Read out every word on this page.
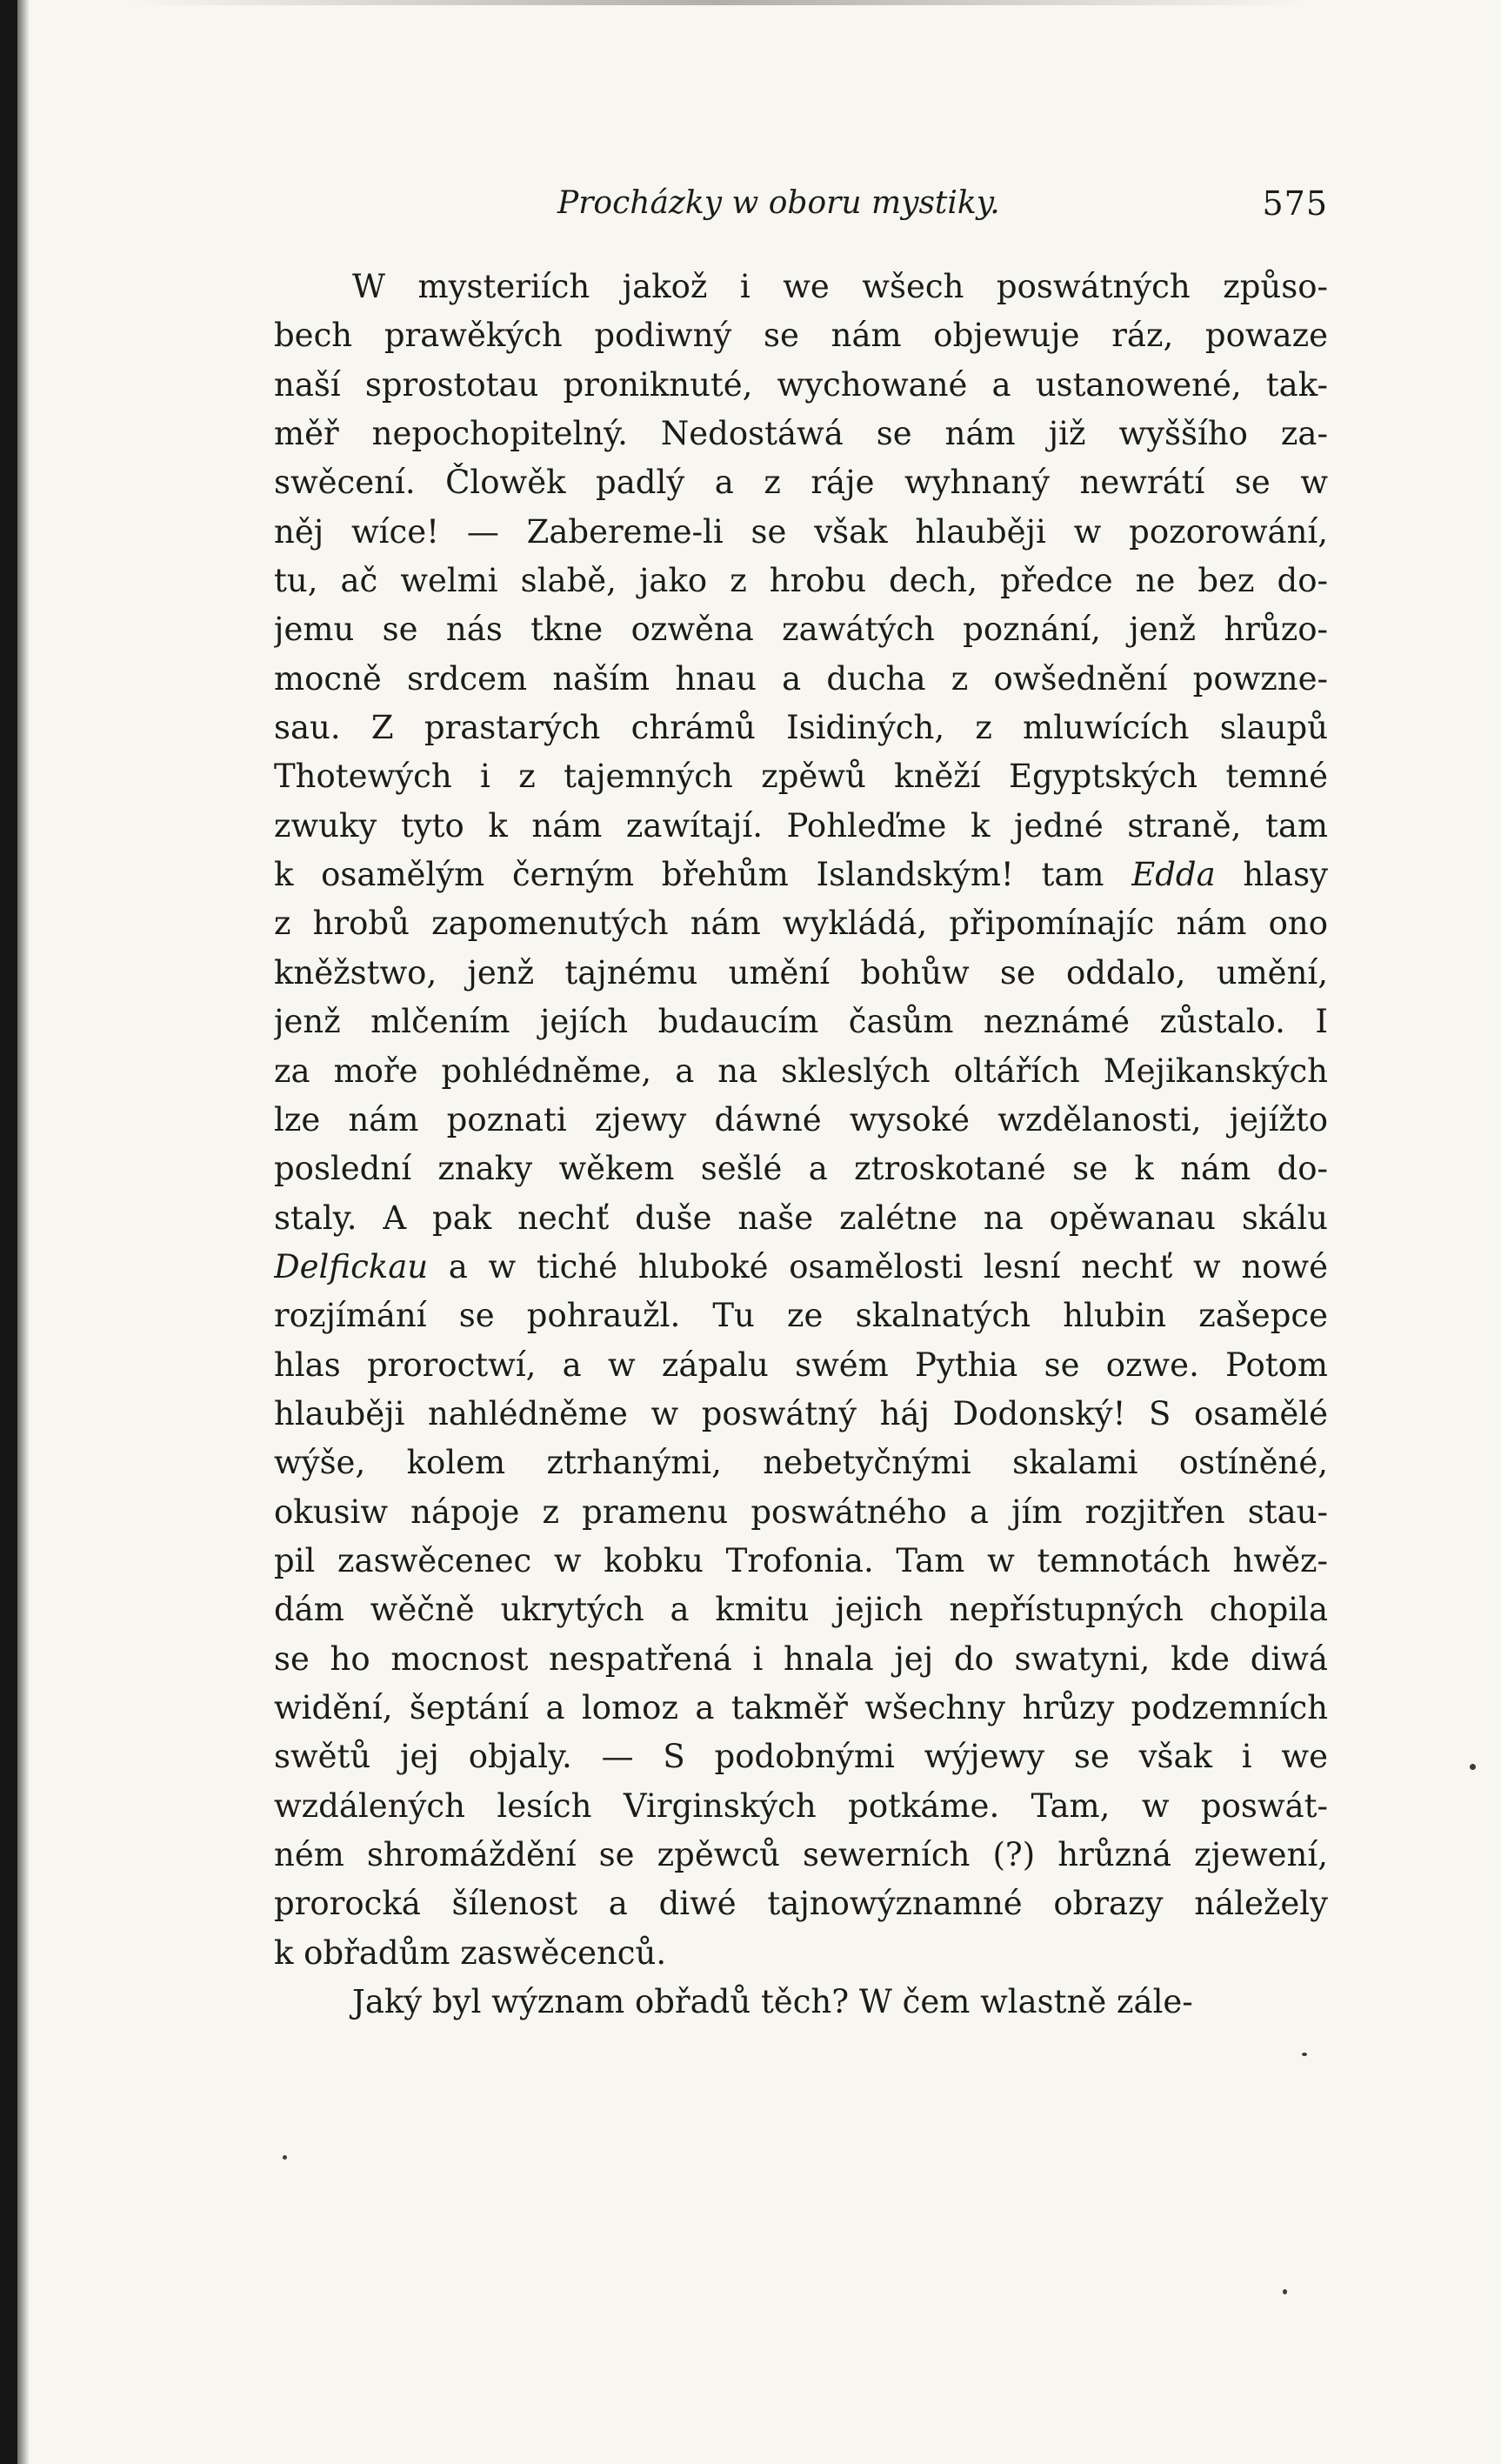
Procházky w oboru mystiky.	575
W mysteriích jakož i we wšech poswátných způso-
bech prawěkých podiwný se nám objewuje ráz, powaze
naší sprostotau proniknuté, wychowané a ustanowené, tak-
měř nepochopitelný. Nedostáwá se nám již wyššího za-
swěcení. Člowěk padlý a z ráje wyhnaný newrátí se w
něj wíce! — Zabereme-li se však hlauběji w pozorowání,
tu, ač welmi slabě, jako z hrobu dech, předce ne bez do-
jemu se nás tkne ozwěna zawátých poznání, jenž hrůzo-
mocně srdcem naším hnau a ducha z owšednění powzne-
sau. Z prastarých chrámů Isidiných, z mluwících slaupů
Thotewých i z tajemných zpěwů kněží Egyptských temné
zwuky tyto k nám zawítají. Pohleďme k jedné straně, tam
k osamělým černým břehům Islandským! tam Edda hlasy
z hrobů zapomenutých nám wykládá, připomínajíc nám ono
kněžstwo, jenž tajnému umění bohůw se oddalo, umění,
jenž mlčením jejích budaucím časům neznámé zůstalo. I
za moře pohlédněme, a na skleslých oltářích Mejikanských
lze nám poznati zjewy dáwné wysoké wzdělanosti, jejížto
poslední znaky wěkem sešlé a ztroskotané se k nám do-
staly. A pak nechť duše naše zalétne na opěwanau skálu
Delfickau a w tiché hluboké osamělosti lesní nechť w nowé
rozjímání se pohraužl. Tu ze skalnatých hlubin zašepce
hlas proroctwí, a w zápalu swém Pythia se ozwe. Potom
hlauběji nahlédněme w poswátný háj Dodonský! S osamělé
wýše, kolem ztrhanými, nebetyčnými skalami ostíněné,
okusiw nápoje z pramenu poswátného a jím rozjitřen stau-
pil zaswěcenec w kobku Trofonia. Tam w temnotách hwěz-
dám wěčně ukrytých a kmitu jejich nepřístupných chopila
se ho mocnost nespatřená i hnala jej do swatyni, kde diwá
widění, šeptání a lomoz a takměř wšechny hrůzy podzemních
swětů jej objaly. — S podobnými wýjewy se však i we
wzdálených lesích Virginských potkáme. Tam, w poswát-
ném shromáždění se zpěwců sewerních (?) hrůzná zjewení,
prorocká šílenost a diwé tajnowýznamné obrazy náležely
k obřadům zaswěcenců.
Jaký byl wýznam obřadů těch? W čem wlastně zále-
